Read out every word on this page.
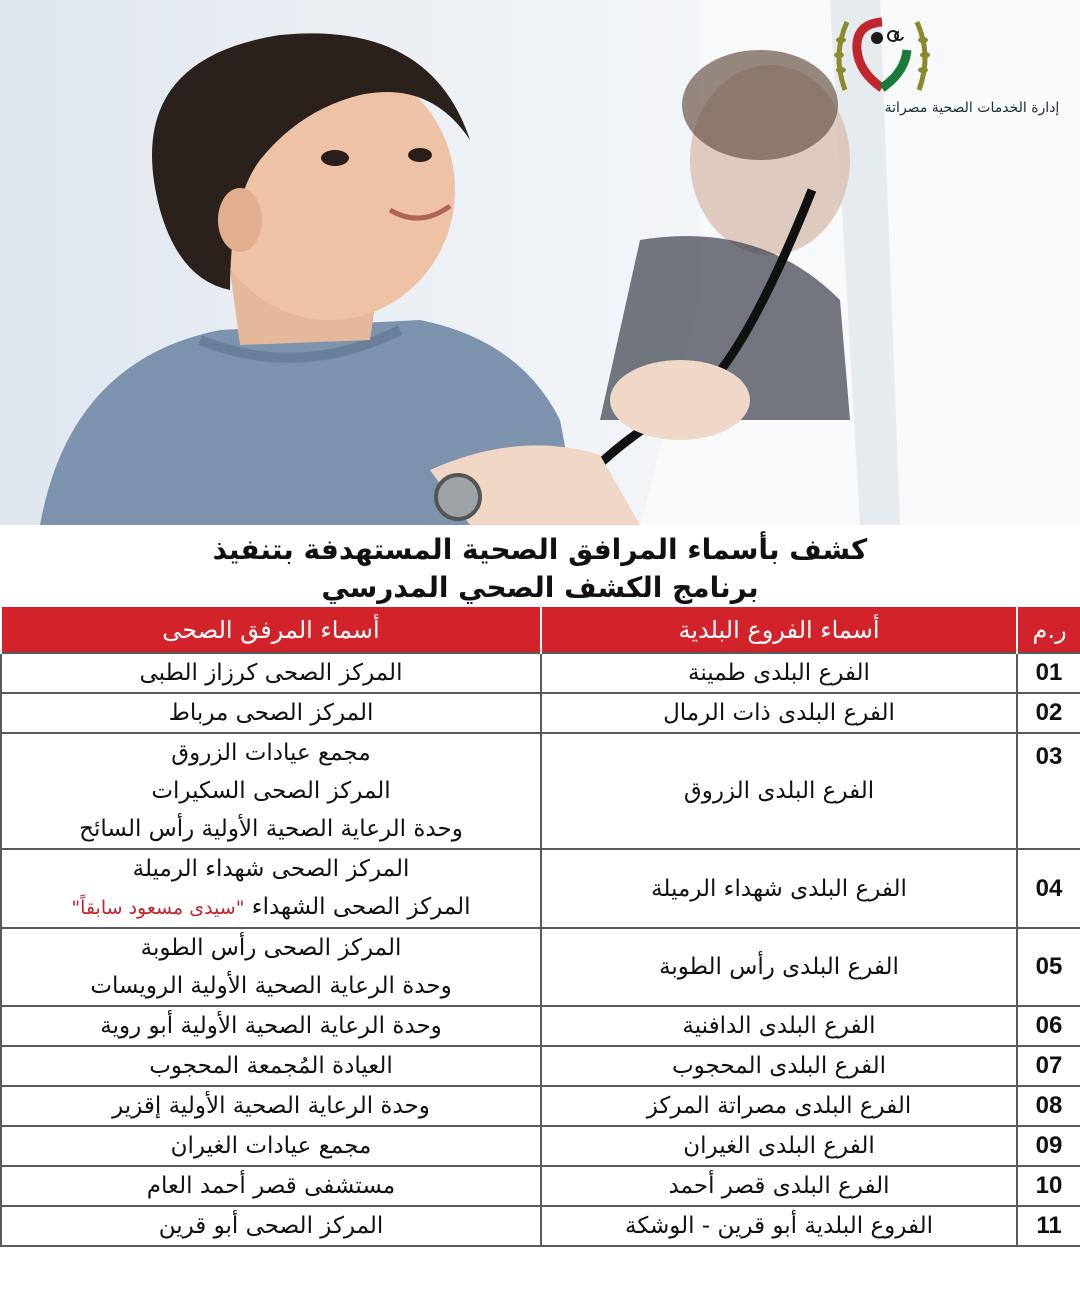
إدارة الخدمات الصحية مصراتة
كشف بأسماء المرافق الصحية المستهدفة بتنفيذ
برنامج الكشف الصحي المدرسي
ر.م	أسماء الفروع البلدية	أسماء المرفق الصحى
01	الفرع البلدى طمينة	المركز الصحى كرزاز الطبى

02	الفرع البلدى ذات الرمال	المركز الصحى مرباط

03	الفرع البلدى الزروق	مجمع عيادات الزروق
المركز الصحى السكيرات
وحدة الرعاية الصحية الأولية رأس السائح

04	الفرع البلدى شهداء الرميلة	المركز الصحى شهداء الرميلة
المركز الصحى الشهداء "سيدى مسعود سابقاً"

05	الفرع البلدى رأس الطوبة	المركز الصحى رأس الطوبة
وحدة الرعاية الصحية الأولية الرويسات

06	الفرع البلدى الدافنية	وحدة الرعاية الصحية الأولية أبو روية

07	الفرع البلدى المحجوب	العيادة المُجمعة المحجوب

08	الفرع البلدى مصراتة المركز	وحدة الرعاية الصحية الأولية إقزير

09	الفرع البلدى الغيران	مجمع عيادات الغيران

10	الفرع البلدى قصر أحمد	مستشفى قصر أحمد العام

11	الفروع البلدية أبو قرين - الوشكة	المركز الصحى أبو قرين
